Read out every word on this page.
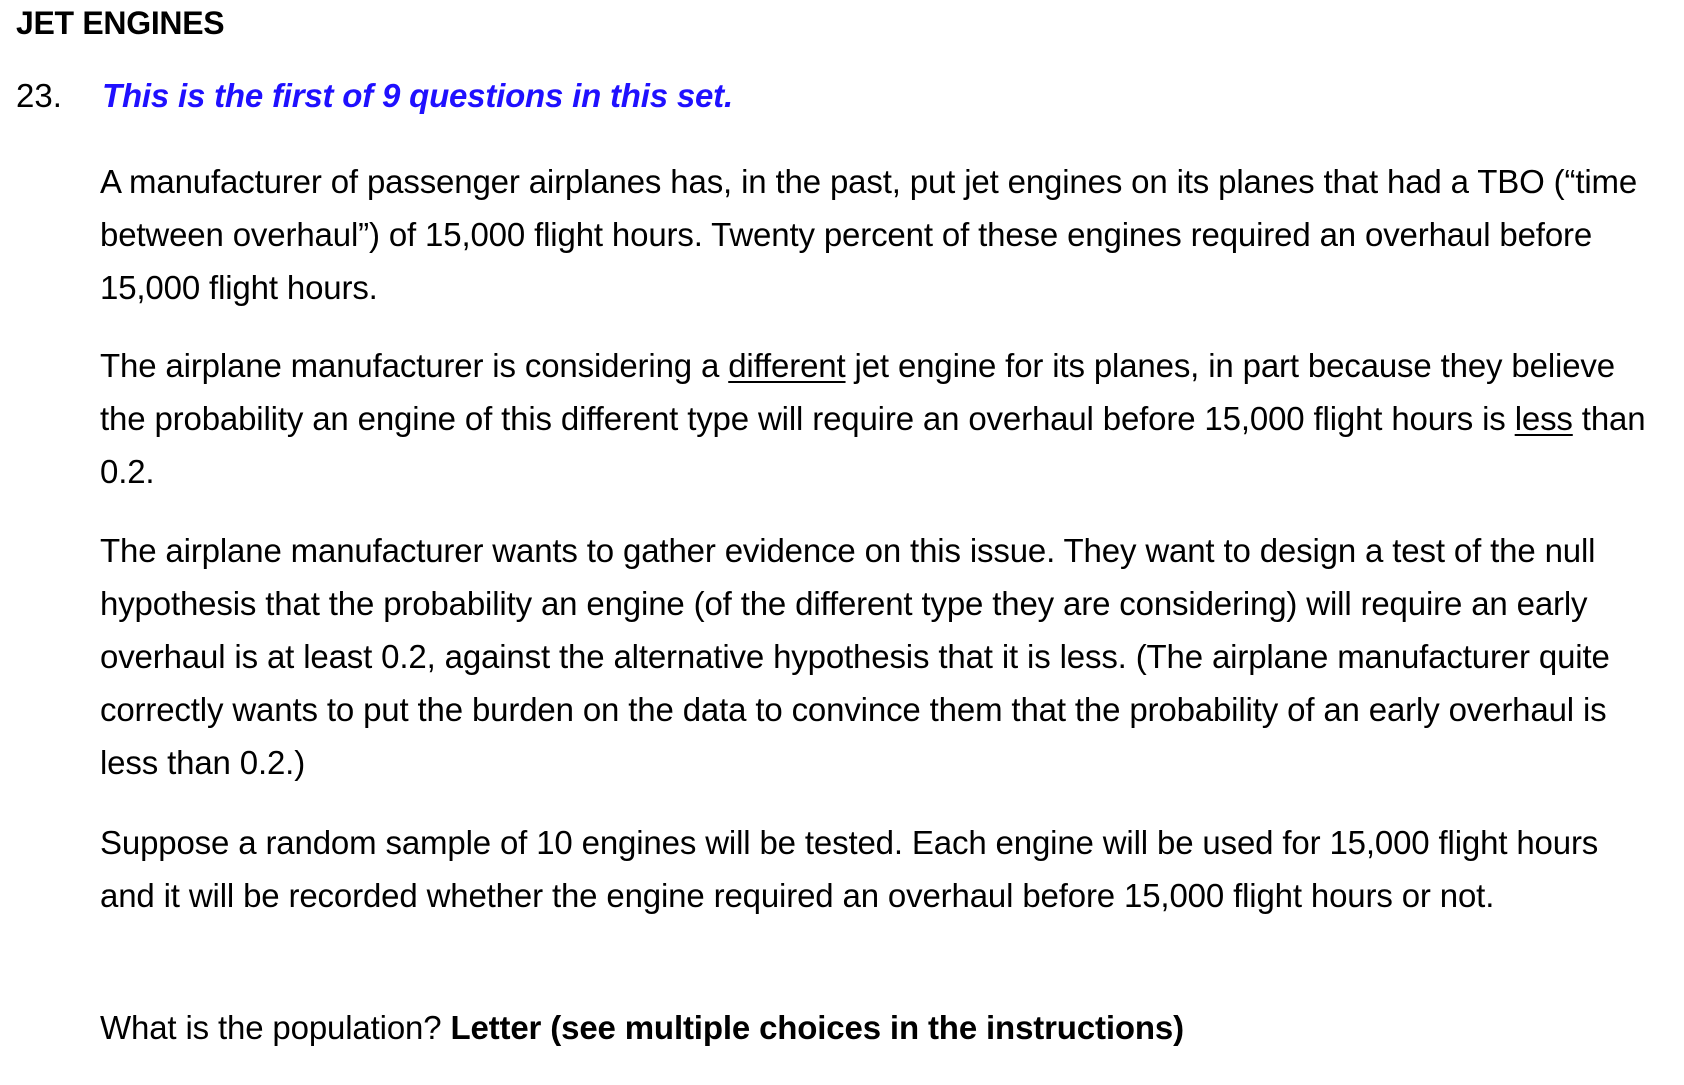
JET ENGINES
23. This is the first of 9 questions in this set.

A manufacturer of passenger airplanes has, in the past, put jet engines on its planes that had a TBO (“time between overhaul”) of 15,000 flight hours. Twenty percent of these engines required an overhaul before 15,000 flight hours.

The airplane manufacturer is considering a different jet engine for its planes, in part because they believe the probability an engine of this different type will require an overhaul before 15,000 flight hours is less than 0.2.

The airplane manufacturer wants to gather evidence on this issue. They want to design a test of the null hypothesis that the probability an engine (of the different type they are considering) will require an early overhaul is at least 0.2, against the alternative hypothesis that it is less. (The airplane manufacturer quite correctly wants to put the burden on the data to convince them that the probability of an early overhaul is less than 0.2.)

Suppose a random sample of 10 engines will be tested. Each engine will be used for 15,000 flight hours and it will be recorded whether the engine required an overhaul before 15,000 flight hours or not.

What is the population? Letter (see multiple choices in the instructions)
